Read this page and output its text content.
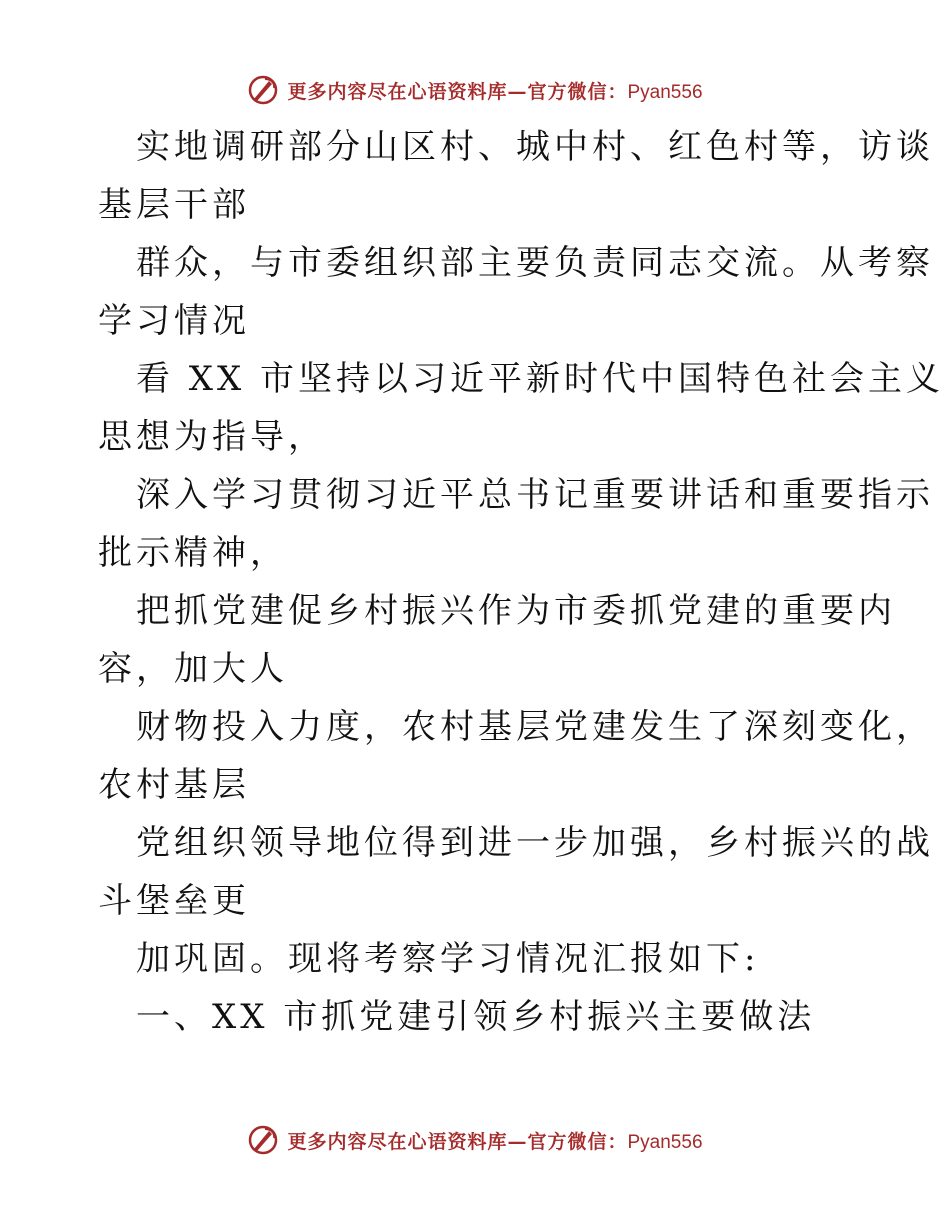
更多内容尽在心语资料库—官方微信：Pyan556

实地调研部分山区村、城中村、红色村等，访谈

基层干部

群众，与市委组织部主要负责同志交流。从考察

学习情况

看 XX 市坚持以习近平新时代中国特色社会主义

思想为指导，

深入学习贯彻习近平总书记重要讲话和重要指示

批示精神，

把抓党建促乡村振兴作为市委抓党建的重要内

容，加大人

财物投入力度，农村基层党建发生了深刻变化，

农村基层

党组织领导地位得到进一步加强，乡村振兴的战

斗堡垒更

加巩固。现将考察学习情况汇报如下:

一、XX 市抓党建引领乡村振兴主要做法

更多内容尽在心语资料库—官方微信：Pyan556
